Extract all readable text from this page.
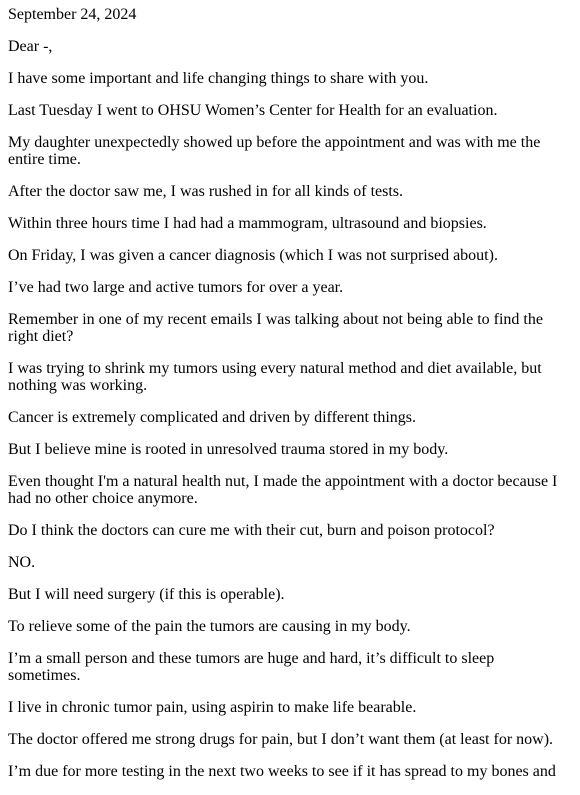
September 24, 2024

Dear -,

I have some important and life changing things to share with you.

Last Tuesday I went to OHSU Women’s Center for Health for an evaluation.

My daughter unexpectedly showed up before the appointment and was with me the entire time.

After the doctor saw me, I was rushed in for all kinds of tests.

Within three hours time I had had a mammogram, ultrasound and biopsies.

On Friday, I was given a cancer diagnosis (which I was not surprised about).

I’ve had two large and active tumors for over a year.

Remember in one of my recent emails I was talking about not being able to find the right diet?

I was trying to shrink my tumors using every natural method and diet available, but nothing was working.

Cancer is extremely complicated and driven by different things.

But I believe mine is rooted in unresolved trauma stored in my body.

Even thought I'm a natural health nut, I made the appointment with a doctor because I had no other choice anymore.

Do I think the doctors can cure me with their cut, burn and poison protocol?

NO.

But I will need surgery (if this is operable).

To relieve some of the pain the tumors are causing in my body.

I’m a small person and these tumors are huge and hard, it’s difficult to sleep sometimes.

I live in chronic tumor pain, using aspirin to make life bearable.

The doctor offered me strong drugs for pain, but I don’t want them (at least for now).

I’m due for more testing in the next two weeks to see if it has spread to my bones and
